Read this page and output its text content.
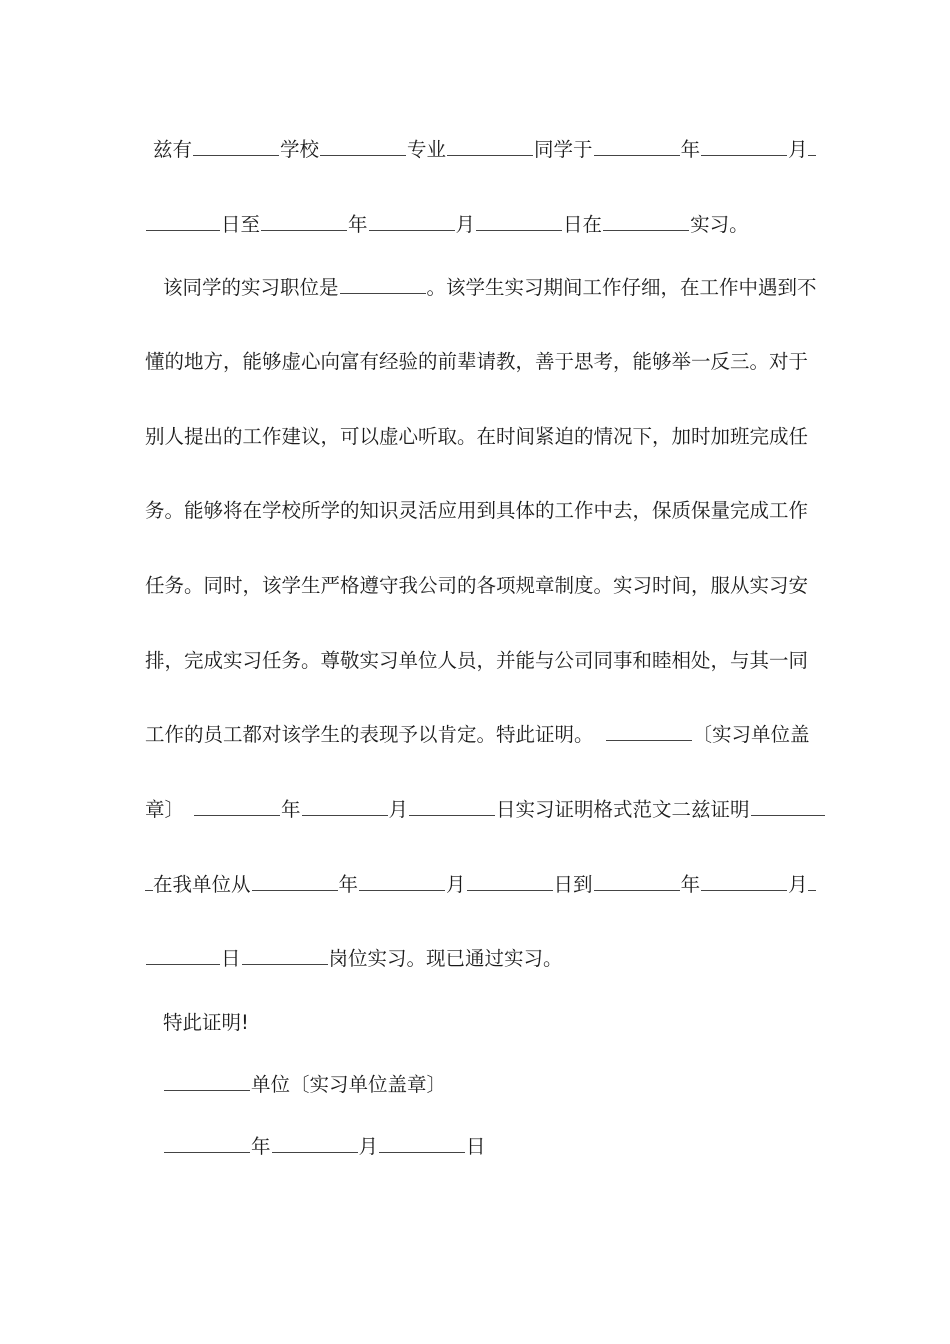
兹有	学校	专业	同学于	年	月
日至	年	月	日在	实习。
该同学的实习职位是	。该学生实习期间工作仔细，在工作中遇到不
懂的地方，能够虚心向富有经验的前辈请教，善于思考，能够举一反三。对于
别人提出的工作建议，可以虚心听取。在时间紧迫的情况下，加时加班完成任
务。能够将在学校所学的知识灵活应用到具体的工作中去，保质保量完成工作
任务。同时，该学生严格遵守我公司的各项规章制度。实习时间，服从实习安
排，完成实习任务。尊敬实习单位人员，并能与公司同事和睦相处，与其一同
工作的员工都对该学生的表现予以肯定。特此证明。	〔实习单位盖
章〕	年	月	日实习证明格式范文二兹证明
在我单位从	年	月	日到	年	月
日	岗位实习。现已通过实习。
特此证明!
单位〔实习单位盖章〕
年	月	日
